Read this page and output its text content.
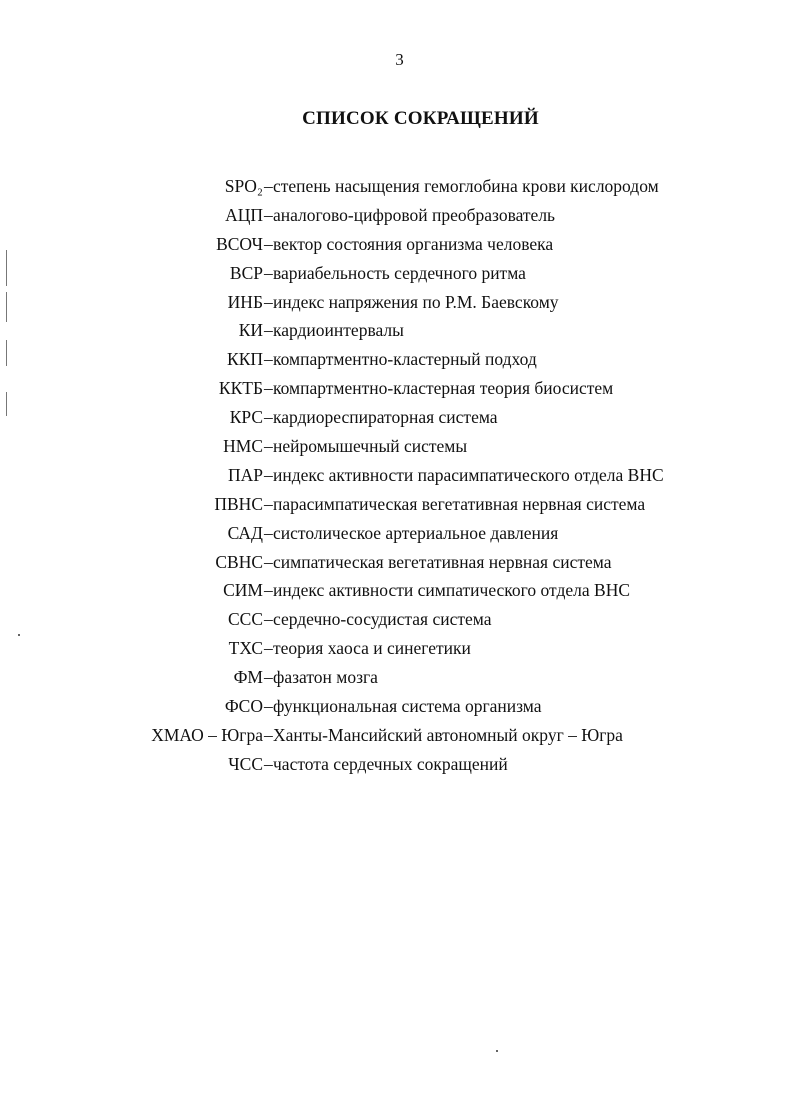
3
СПИСОК СОКРАЩЕНИЙ
SPO₂ – степень насыщения гемоглобина крови кислородом
АЦП – аналогово-цифровой преобразователь
ВСОЧ – вектор состояния организма человека
ВСР – вариабельность сердечного ритма
ИНБ – индекс напряжения по Р.М. Баевскому
КИ – кардиоинтервалы
ККП – компартментно-кластерный подход
ККТБ – компартментно-кластерная теория биосистем
КРС – кардиореспираторная система
НМС – нейромышечный системы
ПАР – индекс активности парасимпатического отдела ВНС
ПВНС – парасимпатическая вегетативная нервная система
САД – систолическое артериальное давления
СВНС – симпатическая вегетативная нервная система
СИМ – индекс активности симпатического отдела ВНС
ССС – сердечно-сосудистая система
ТХС – теория хаоса и синегетики
ФМ – фазатон мозга
ФСО – функциональная система организма
ХМАО – Югра – Ханты-Мансийский автономный округ – Югра
ЧСС – частота сердечных сокращений
